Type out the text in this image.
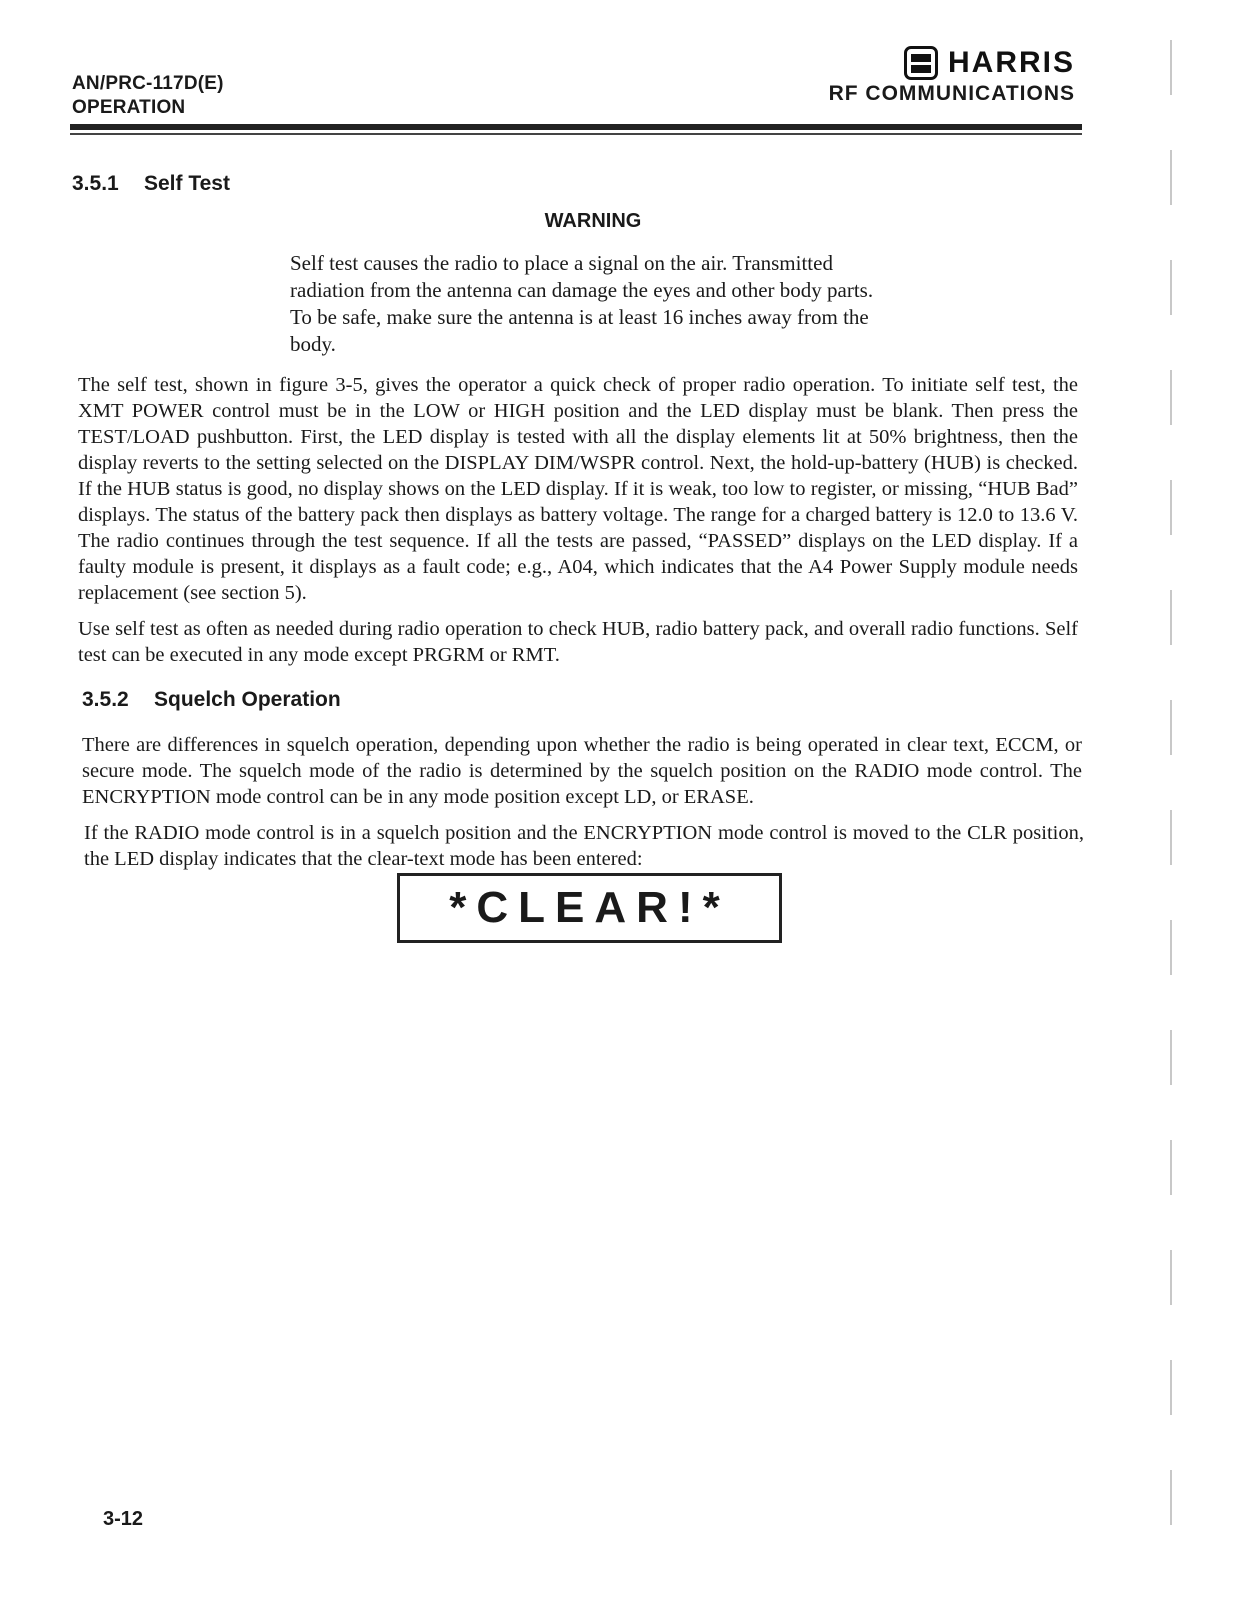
AN/PRC-117D(E)
OPERATION
HARRIS
RF COMMUNICATIONS
3.5.1 Self Test
WARNING
Self test causes the radio to place a signal on the air. Transmitted radiation from the antenna can damage the eyes and other body parts. To be safe, make sure the antenna is at least 16 inches away from the body.
The self test, shown in figure 3-5, gives the operator a quick check of proper radio operation. To initiate self test, the XMT POWER control must be in the LOW or HIGH position and the LED display must be blank. Then press the TEST/LOAD pushbutton. First, the LED display is tested with all the display elements lit at 50% brightness, then the display reverts to the setting selected on the DISPLAY DIM/WSPR control. Next, the hold-up-battery (HUB) is checked. If the HUB status is good, no display shows on the LED display. If it is weak, too low to register, or missing, “HUB Bad” displays. The status of the battery pack then displays as battery voltage. The range for a charged battery is 12.0 to 13.6 V. The radio continues through the test sequence. If all the tests are passed, “PASSED” displays on the LED display. If a faulty module is present, it displays as a fault code; e.g., A04, which indicates that the A4 Power Supply module needs replacement (see section 5).
Use self test as often as needed during radio operation to check HUB, radio battery pack, and overall radio functions. Self test can be executed in any mode except PRGRM or RMT.
3.5.2 Squelch Operation
There are differences in squelch operation, depending upon whether the radio is being operated in clear text, ECCM, or secure mode. The squelch mode of the radio is determined by the squelch position on the RADIO mode control. The ENCRYPTION mode control can be in any mode position except LD, or ERASE.
If the RADIO mode control is in a squelch position and the ENCRYPTION mode control is moved to the CLR position, the LED display indicates that the clear-text mode has been entered:
*CLEAR!*
3-12
